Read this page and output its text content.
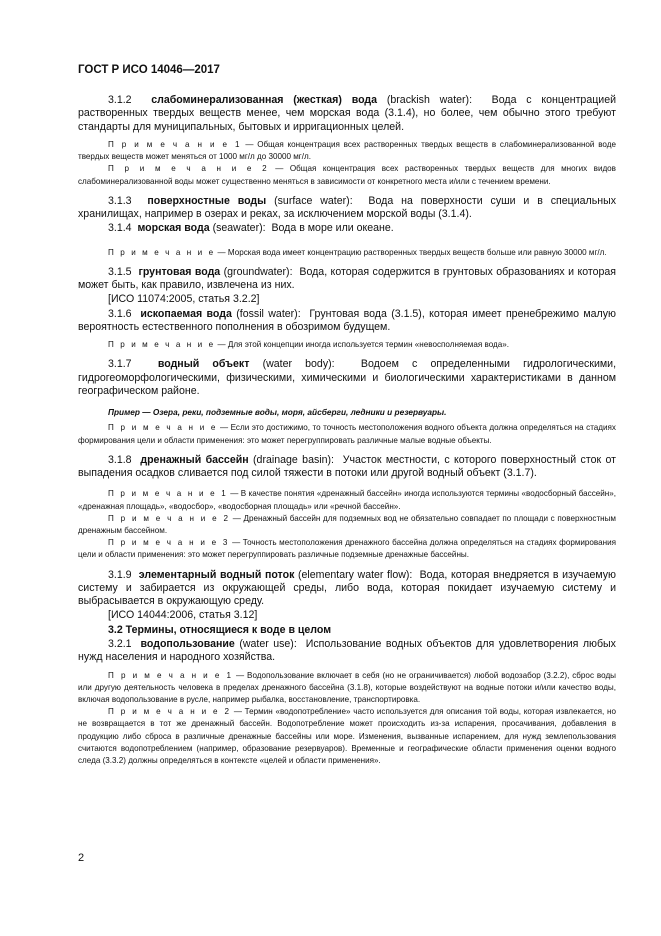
ГОСТ Р ИСО 14046—2017
3.1.2 слабоминерализованная (жесткая) вода (brackish water): Вода с концентрацией растворенных твердых веществ менее, чем морская вода (3.1.4), но более, чем обычно этого требуют стандарты для муниципальных, бытовых и ирригационных целей.
П р и м е ч а н и е 1 — Общая концентрация всех растворенных твердых веществ в слабоминерализованной воде твердых веществ может меняться от 1000 мг/л до 30000 мг/л.
П р и м е ч а н и е 2 — Общая концентрация всех растворенных твердых веществ для многих видов слабоминерализованной воды может существенно меняться в зависимости от конкретного места и/или с течением времени.
3.1.3 поверхностные воды (surface water): Вода на поверхности суши и в специальных хранилищах, например в озерах и реках, за исключением морской воды (3.1.4).
3.1.4 морская вода (seawater): Вода в море или океане.
П р и м е ч а н и е — Морская вода имеет концентрацию растворенных твердых веществ больше или равную 30000 мг/л.
3.1.5 грунтовая вода (groundwater): Вода, которая содержится в грунтовых образованиях и которая может быть, как правило, извлечена из них.
[ИСО 11074:2005, статья 3.2.2]
3.1.6 ископаемая вода (fossil water): Грунтовая вода (3.1.5), которая имеет пренебрежимо малую вероятность естественного пополнения в обозримом будущем.
П р и м е ч а н и е — Для этой концепции иногда используется термин «невосполняемая вода».
3.1.7 водный объект (water body): Водоем с определенными гидрологическими, гидрогеоморфологическими, физическими, химическими и биологическими характеристиками в данном географическом районе.
Пример — Озера, реки, подземные воды, моря, айсберги, ледники и резервуары.
П р и м е ч а н и е — Если это достижимо, то точность местоположения водного объекта должна определяться на стадиях формирования цели и области применения: это может перегруппировать различные малые водные объекты.
3.1.8 дренажный бассейн (drainage basin): Участок местности, с которого поверхностный сток от выпадения осадков сливается под силой тяжести в потоки или другой водный объект (3.1.7).
П р и м е ч а н и е 1 — В качестве понятия «дренажный бассейн» иногда используются термины «водосборный бассейн», «дренажная площадь», «водосбор», «водосборная площадь» или «речной бассейн».
П р и м е ч а н и е 2 — Дренажный бассейн для подземных вод не обязательно совпадает по площади с поверхностным дренажным бассейном.
П р и м е ч а н и е 3 — Точность местоположения дренажного бассейна должна определяться на стадиях формирования цели и области применения: это может перегруппировать различные подземные дренажные бассейны.
3.1.9 элементарный водный поток (elementary water flow): Вода, которая внедряется в изучаемую систему и забирается из окружающей среды, либо вода, которая покидает изучаемую систему и выбрасывается в окружающую среду.
[ИСО 14044:2006, статья 3.12]
3.2 Термины, относящиеся к воде в целом
3.2.1 водопользование (water use): Использование водных объектов для удовлетворения любых нужд населения и народного хозяйства.
П р и м е ч а н и е 1 — Водопользование включает в себя (но не ограничивается) любой водозабор (3.2.2), сброс воды или другую деятельность человека в пределах дренажного бассейна (3.1.8), которые воздействуют на водные потоки и/или качество воды, включая водопользование в русле, например рыбалка, восстановление, транспортировка.
П р и м е ч а н и е 2 — Термин «водопотребление» часто используется для описания той воды, которая извлекается, но не возвращается в тот же дренажный бассейн. Водопотребление может происходить из-за испарения, просачивания, добавления в продукцию либо сброса в различные дренажные бассейны или море. Изменения, вызванные испарением, для нужд землепользования считаются водопотреблением (например, образование резервуаров). Временные и географические области применения оценки водного следа (3.3.2) должны определяться в контексте «целей и области применения».
2
